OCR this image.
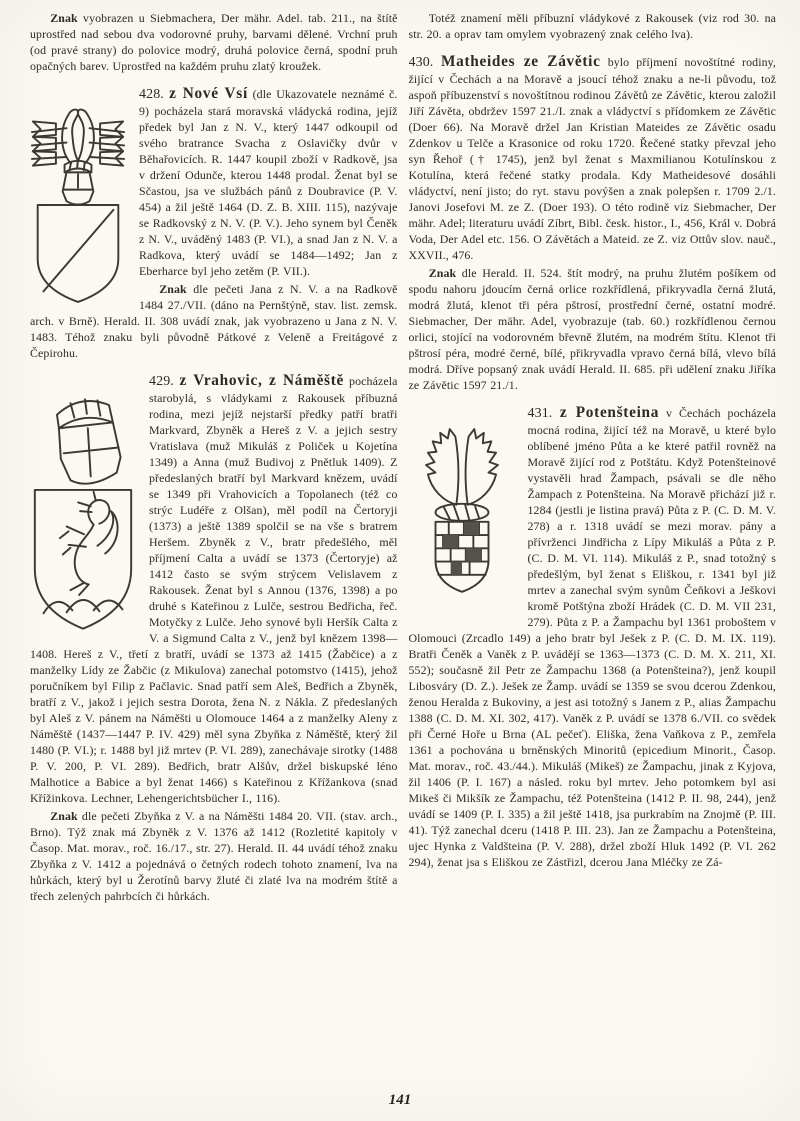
Znak vyobrazen u Siebmachera, Der mähr. Adel. tab. 211., na štítě uprostřed nad sebou dva vodorovné pruhy, barvami dělené. Vrchní pruh (od pravé strany) do polovice modrý, druhá polovice černá, spodní pruh opačných barev. Uprostřed na každém pruhu zlatý kroužek.

428. z Nové Vsí (dle Ukazovatele neznámé č. 9) pocházela stará moravská vládycká rodina, jejíž předek byl Jan z N. V., který 1447 odkoupil od svého bratrance Svacha z Oslavičky dvůr v Běhařovicích. R. 1447 koupil zboží v Radkově, jsa v držení Odunče, kterou 1448 prodal. Ženat byl se Sčastou, jsa ve službách pánů z Doubravice (P. V. 454) a žil ještě 1464 (D. Z. B. XIII. 115), nazývaje se Radkovský z N. V. (P. V.). Jeho synem byl Čeněk z N. V., uváděný 1483 (P. VI.), a snad Jan z N. V. a Radkova, který uvádí se 1484—1492; Jan z Eberharce byl jeho zetěm (P. VII.).

Znak dle pečeti Jana z N. V. a na Radkově 1484 27./VII. (dáno na Pernštýně, stav. list. zemsk. arch. v Brně). Herald. II. 308 uvádí znak, jak vyobrazeno u Jana z N. V. 1483. Téhož znaku byli původně Pátkové z Veleně a Freitágové z Čepirohu.

429. z Vrahovic, z Náměště pocházela starobylá, s vládykami z Rakousek příbuzná rodina, mezi jejíž nejstarší předky patří bratři Markvard, Zbyněk a Hereš z V. a jejich sestry Vratislava (muž Mikuláš z Poliček u Kojetína 1349) a Anna (muž Budivoj z Pnětluk 1409). Z předeslaných bratří byl Markvard knězem, uvádí se 1349 při Vrahovicích a Topolanech (též co strýc Ludéře z Olšan), měl podíl na Čertoryji (1373) a ještě 1389 spolčil se na vše s bratrem Heršem. Zbyněk z V., bratr předešlého, měl příjmení Calta a uvádí se 1373 (Čertoryje) až 1412 často se svým strýcem Velislavem z Rakousek. Ženat byl s Annou (1376, 1398) a po druhé s Kateřinou z Lulče, sestrou Bedřicha, řeč. Motyčky z Lulče. Jeho synové byli Heršík Calta z V. a Sigmund Calta z V., jenž byl knězem 1398—1408. Hereš z V., třetí z bratří, uvádí se 1373 až 1415 (Žabčice) a z manželky Lídy ze Žabčic (z Mikulova) zanechal potomstvo (1415), jehož poručníkem byl Filip z Pačlavic. Snad patří sem Aleš, Bedřich a Zbyněk, bratří z V., jakož i jejich sestra Dorota, žena N. z Nákla. Z předeslaných byl Aleš z V. pánem na Náměšti u Olomouce 1464 a z manželky Aleny z Náměště (1437—1447 P. IV. 429) měl syna Zbyňka z Náměště, který žil 1480 (P. VI.); r. 1488 byl již mrtev (P. VI. 289), zanechávaje sirotky (1488 P. V. 200, P. VI. 289). Bedřich, bratr Alšův, držel biskupské léno Malhotice a Babice a byl ženat 1466) s Kateřinou z Křížankova (snad Křížinkova. Lechner, Lehengerichtsbücher I., 116).

Znak dle pečeti Zbyňka z V. a na Náměšti 1484 20. VII. (stav. arch., Brno). Týž znak má Zbyněk z V. 1376 až 1412 (Rozletité kapitoly v Časop. Mat. morav., roč. 16./17., str. 27). Herald. II. 44 uvádí téhož znaku Zbyňka z V. 1412 a pojednává o četných rodech tohoto znamení, lva na hůrkách, který byl u Žerotínů barvy žluté či zlaté lva na modrém štítě a třech zelených pahrbcích či hůrkách.

Totéž znamení měli příbuzní vládykové z Rakousek (viz rod 30. na str. 20. a oprav tam omylem vyobrazený znak celého lva).

430. Matheides ze Závětic bylo příjmení novoštítné rodiny, žijící v Čechách a na Moravě a jsoucí téhož znaku a ne-li původu, tož aspoň příbuzenství s novoštítnou rodinou Závětů ze Závětic, kterou založil Jiří Závěta, obdržev 1597 21./I. znak a vládyctví s přídomkem ze Závětic (Doer 66). Na Moravě držel Jan Kristian Mateides ze Závětic osadu Zdenkov u Telče a Krasonice od roku 1720. Řečené statky převzal jeho syn Řehoř († 1745), jenž byl ženat s Maxmilianou Kotulínskou z Kotulína, která řečené statky prodala. Kdy Matheidesové dosáhli vládyctví, není jisto; do ryt. stavu povýšen a znak polepšen r. 1709 2./1. Janovi Josefovi M. ze Z. (Doer 193). O této rodině viz Siebmacher, Der mähr. Adel; literaturu uvádí Zíbrt, Bibl. česk. histor., I., 456, Král v. Dobrá Voda, Der Adel etc. 156. O Závětách a Mateid. ze Z. viz Ottův slov. nauč., XXVII., 476.

Znak dle Herald. II. 524. štít modrý, na pruhu žlutém pošíkem od spodu nahoru jdoucím černá orlice rozkřídlená, přikryvadla černá žlutá, modrá žlutá, klenot tři péra pštrosí, prostřední černé, ostatní modré. Siebmacher, Der mähr. Adel, vyobrazuje (tab. 60.) rozkřídlenou černou orlici, stojící na vodorovném břevně žlutém, na modrém štítu. Klenot tři pštrosí péra, modré černé, bílé, přikryvadla vpravo černá bílá, vlevo bílá modrá. Dříve popsaný znak uvádí Herald. II. 685. při udělení znaku Jiříka ze Závětic 1597 21./1.

431. z Potenšteina v Čechách pocházela mocná rodina, žijící též na Moravě, u které bylo oblíbené jméno Půta a ke které patřil rovněž na Moravě žijící rod z Potštátu. Když Potenšteinové vystavěli hrad Žampach, psávali se dle něho Žampach z Potenšteina. Na Moravě přichází již r. 1284 (jestli je listina pravá) Půta z P. (C. D. M. V. 278) a r. 1318 uvádí se mezi morav. pány a přívrženci Jindřicha z Lípy Mikuláš a Půta z P. (C. D. M. VI. 114). Mikuláš z P., snad totožný s předešlým, byl ženat s Eliškou, r. 1341 byl již mrtev a zanechal svým synům Čeňkovi a Ješkovi kromě Potštýna zboží Hrádek (C. D. M. VII 231, 279). Půta z P. a Žampachu byl 1361 proboštem v Olomouci (Zrcadlo 149) a jeho bratr byl Ješek z P. (C. D. M. IX. 119). Bratři Čeněk a Vaněk z P. uvádějí se 1363—1373 (C. D. M. X. 211, XI. 552); současně žil Petr ze Žampachu 1368 (a Potenšteina?), jenž koupil Libosváry (D. Z.). Ješek ze Žamp. uvádí se 1359 se svou dcerou Zdenkou, ženou Heralda z Bukoviny, a jest asi totožný s Janem z P., alias Žampachu 1388 (C. D. M. XI. 302, 417). Vaněk z P. uvádí se 1378 6./VII. co svědek při Černé Hoře u Brna (AL pečeť). Eliška, žena Vaňkova z P., zemřela 1361 a pochována u brněnských Minoritů (epicedium Minorit., Časop. Mat. morav., roč. 43./44.). Mikuláš (Mikeš) ze Žampachu, jinak z Kyjova, žil 1406 (P. I. 167) a násled. roku byl mrtev. Jeho potomkem byl asi Mikeš či Mikšík ze Žampachu, též Potenšteina (1412 P. II. 98, 244), jenž uvádí se 1409 (P. I. 335) a žil ještě 1418, jsa purkrabím na Znojmě (P. III. 41). Týž zanechal dceru (1418 P. III. 23). Jan ze Žampachu a Potenšteina, ujec Hynka z Valdšteina (P. V. 288), držel zboží Hluk 1492 (P. VI. 262 294), ženat jsa s Eliškou ze Zástřizl, dcerou Jana Mléčky ze Zá-

141
